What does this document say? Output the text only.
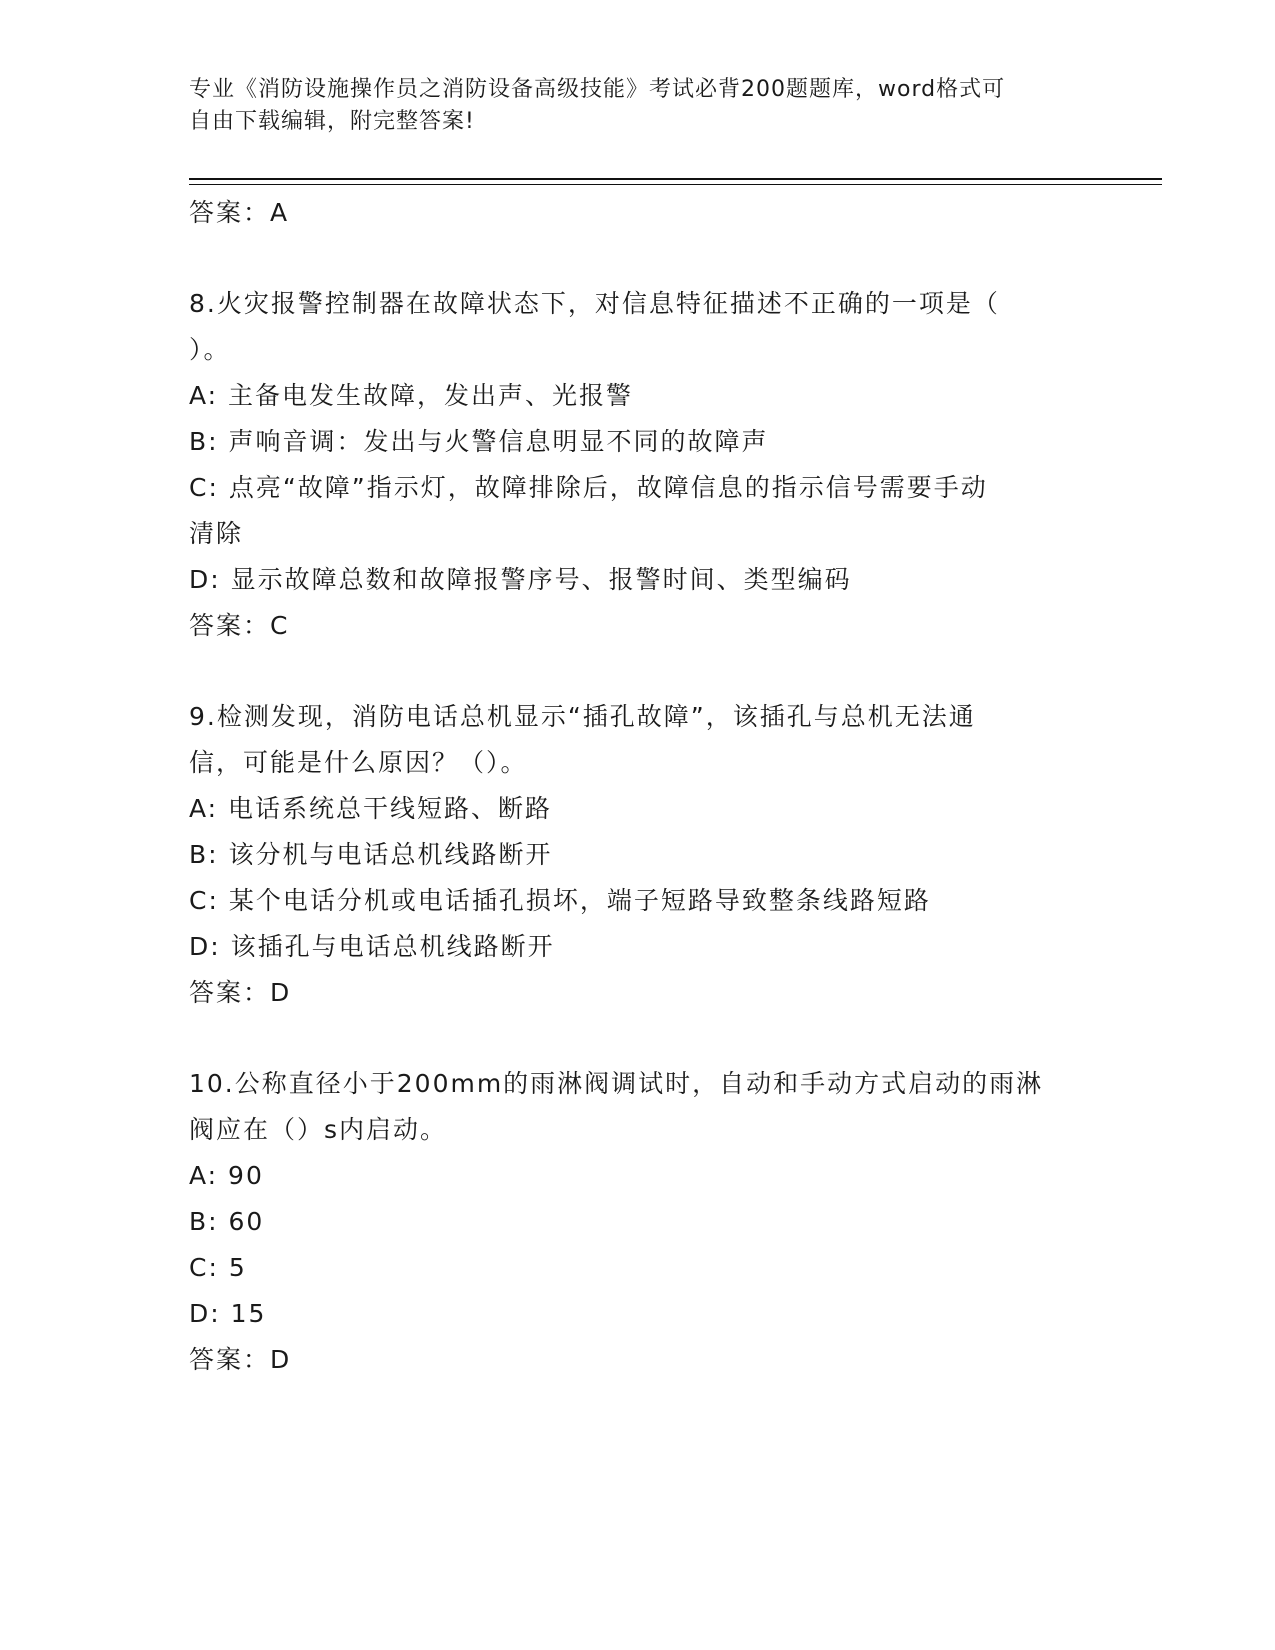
专业《消防设施操作员之消防设备高级技能》考试必背200题题库，word格式可
自由下载编辑，附完整答案!
答案：A
8.火灾报警控制器在故障状态下，对信息特征描述不正确的一项是（
）。
A: 主备电发生故障，发出声、光报警
B: 声响音调：发出与火警信息明显不同的故障声
C: 点亮“故障”指示灯，故障排除后，故障信息的指示信号需要手动
清除
D: 显示故障总数和故障报警序号、报警时间、类型编码
答案：C
9.检测发现，消防电话总机显示“插孔故障”，该插孔与总机无法通
信，可能是什么原因？（）。
A: 电话系统总干线短路、断路
B: 该分机与电话总机线路断开
C: 某个电话分机或电话插孔损坏，端子短路导致整条线路短路
D: 该插孔与电话总机线路断开
答案：D
10.公称直径小于200mm的雨淋阀调试时，自动和手动方式启动的雨淋
阀应在（）s内启动。
A: 90
B: 60
C: 5
D: 15
答案：D
